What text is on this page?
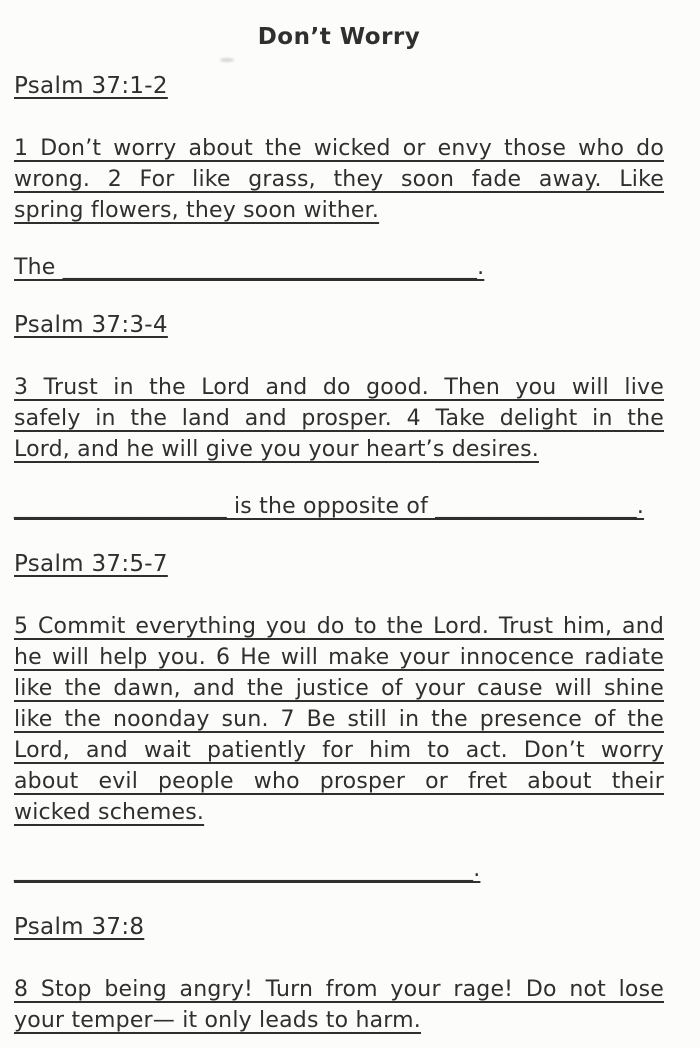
Don’t Worry
Psalm 37:1-2
1 Don’t worry about the wicked or envy those who do
wrong. 2 For like grass, they soon fade away. Like
spring flowers, they soon wither.
The _____________________________________.
Psalm 37:3-4
3 Trust in the Lord and do good. Then you will live
safely in the land and prosper. 4 Take delight in the
Lord, and he will give you your heart’s desires.
___________________ is the opposite of __________________.
Psalm 37:5-7
5 Commit everything you do to the Lord. Trust him, and
he will help you. 6 He will make your innocence radiate
like the dawn, and the justice of your cause will shine
like the noonday sun. 7 Be still in the presence of the
Lord, and wait patiently for him to act. Don’t worry
about evil people who prosper or fret about their
wicked schemes.
_________________________________________.
Psalm 37:8
8 Stop being angry! Turn from your rage! Do not lose
your temper— it only leads to harm.
